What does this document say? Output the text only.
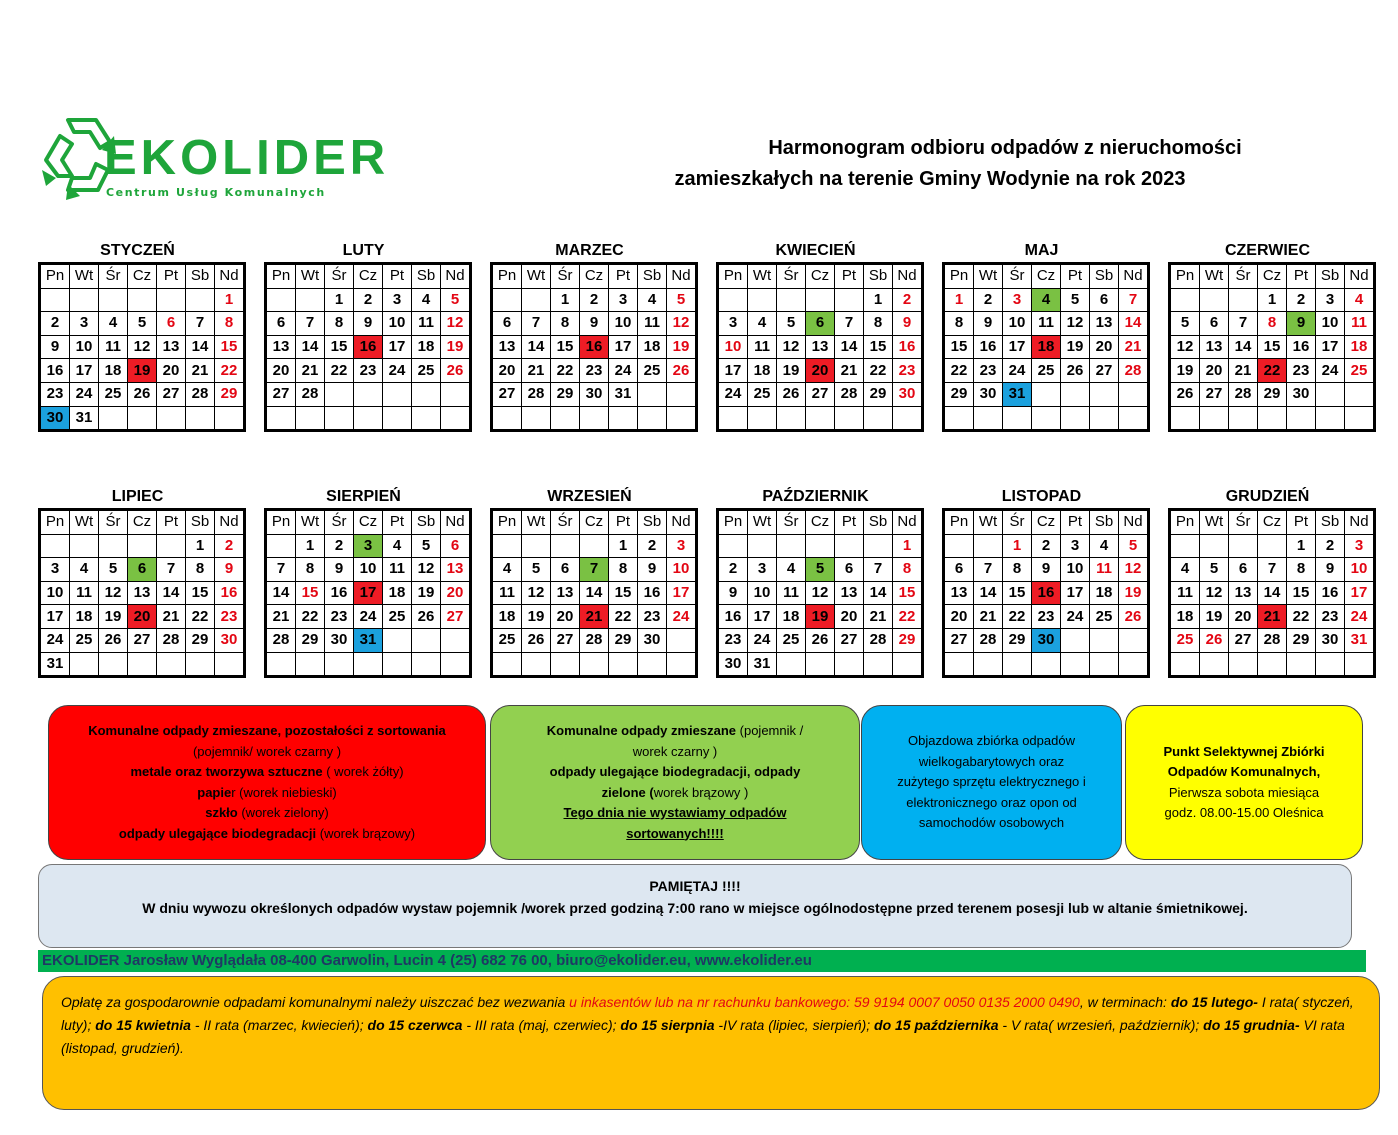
EKOLIDER
Centrum Usług Komunalnych
Harmonogram odbioru odpadów z nieruchomości
zamieszkałych na terenie Gminy Wodynie na rok 2023
STYCZEŃ
Pn	Wt	Śr	Cz	Pt	Sb	Nd
						1
2	3	4	5	6	7	8
9	10	11	12	13	14	15
16	17	18	19	20	21	22
23	24	25	26	27	28	29
30	31					
LUTY
Pn	Wt	Śr	Cz	Pt	Sb	Nd
		1	2	3	4	5
6	7	8	9	10	11	12
13	14	15	16	17	18	19
20	21	22	23	24	25	26
27	28					

MARZEC
Pn	Wt	Śr	Cz	Pt	Sb	Nd
		1	2	3	4	5
6	7	8	9	10	11	12
13	14	15	16	17	18	19
20	21	22	23	24	25	26
27	28	29	30	31		

KWIECIEŃ
Pn	Wt	Śr	Cz	Pt	Sb	Nd
					1	2
3	4	5	6	7	8	9
10	11	12	13	14	15	16
17	18	19	20	21	22	23
24	25	26	27	28	29	30

MAJ
Pn	Wt	Śr	Cz	Pt	Sb	Nd
1	2	3	4	5	6	7
8	9	10	11	12	13	14
15	16	17	18	19	20	21
22	23	24	25	26	27	28
29	30	31				

CZERWIEC
Pn	Wt	Śr	Cz	Pt	Sb	Nd
			1	2	3	4
5	6	7	8	9	10	11
12	13	14	15	16	17	18
19	20	21	22	23	24	25
26	27	28	29	30		

LIPIEC
Pn	Wt	Śr	Cz	Pt	Sb	Nd
					1	2
3	4	5	6	7	8	9
10	11	12	13	14	15	16
17	18	19	20	21	22	23
24	25	26	27	28	29	30
31						
SIERPIEŃ
Pn	Wt	Śr	Cz	Pt	Sb	Nd
	1	2	3	4	5	6
7	8	9	10	11	12	13
14	15	16	17	18	19	20
21	22	23	24	25	26	27
28	29	30	31			

WRZESIEŃ
Pn	Wt	Śr	Cz	Pt	Sb	Nd
				1	2	3
4	5	6	7	8	9	10
11	12	13	14	15	16	17
18	19	20	21	22	23	24
25	26	27	28	29	30	

PAŹDZIERNIK
Pn	Wt	Śr	Cz	Pt	Sb	Nd
						1
2	3	4	5	6	7	8
9	10	11	12	13	14	15
16	17	18	19	20	21	22
23	24	25	26	27	28	29
30	31					
LISTOPAD
Pn	Wt	Śr	Cz	Pt	Sb	Nd
		1	2	3	4	5
6	7	8	9	10	11	12
13	14	15	16	17	18	19
20	21	22	23	24	25	26
27	28	29	30			

GRUDZIEŃ
Pn	Wt	Śr	Cz	Pt	Sb	Nd
				1	2	3
4	5	6	7	8	9	10
11	12	13	14	15	16	17
18	19	20	21	22	23	24
25	26	27	28	29	30	31

Komunalne odpady zmieszane, pozostałości z sortowania
(pojemnik/ worek czarny )
metale oraz tworzywa sztuczne ( worek żółty)
papier (worek niebieski)
szkło (worek zielony)
odpady ulegające biodegradacji (worek brązowy)
Komunalne odpady zmieszane (pojemnik /
worek czarny )
odpady ulegające biodegradacji, odpady
zielone (worek brązowy )
Tego dnia nie wystawiamy odpadów
sortowanych!!!!
Objazdowa zbiórka odpadów
wielkogabarytowych oraz
zużytego sprzętu elektrycznego i
elektronicznego oraz opon od
samochodów osobowych
Punkt Selektywnej Zbiórki
Odpadów Komunalnych,
Pierwsza sobota miesiąca
godz. 08.00-15.00 Oleśnica
PAMIĘTAJ !!!!
W dniu wywozu określonych odpadów wystaw pojemnik /worek przed godziną 7:00 rano w miejsce ogólnodostępne przed terenem posesji lub w altanie śmietnikowej.
EKOLIDER Jarosław Wyglądała 08-400 Garwolin, Lucin 4 (25) 682 76 00, biuro@ekolider.eu, www.ekolider.eu
Opłatę za gospodarownie odpadami komunalnymi należy uiszczać bez wezwania u inkasentów lub na nr rachunku bankowego: 59 9194 0007 0050 0135 2000 0490, w terminach: do 15 lutego- I rata( styczeń, luty); do 15 kwietnia - II rata (marzec, kwiecień); do 15 czerwca - III rata (maj, czerwiec); do 15 sierpnia -IV rata (lipiec, sierpień); do 15 października - V rata( wrzesień, październik); do 15 grudnia- VI rata (listopad, grudzień).
